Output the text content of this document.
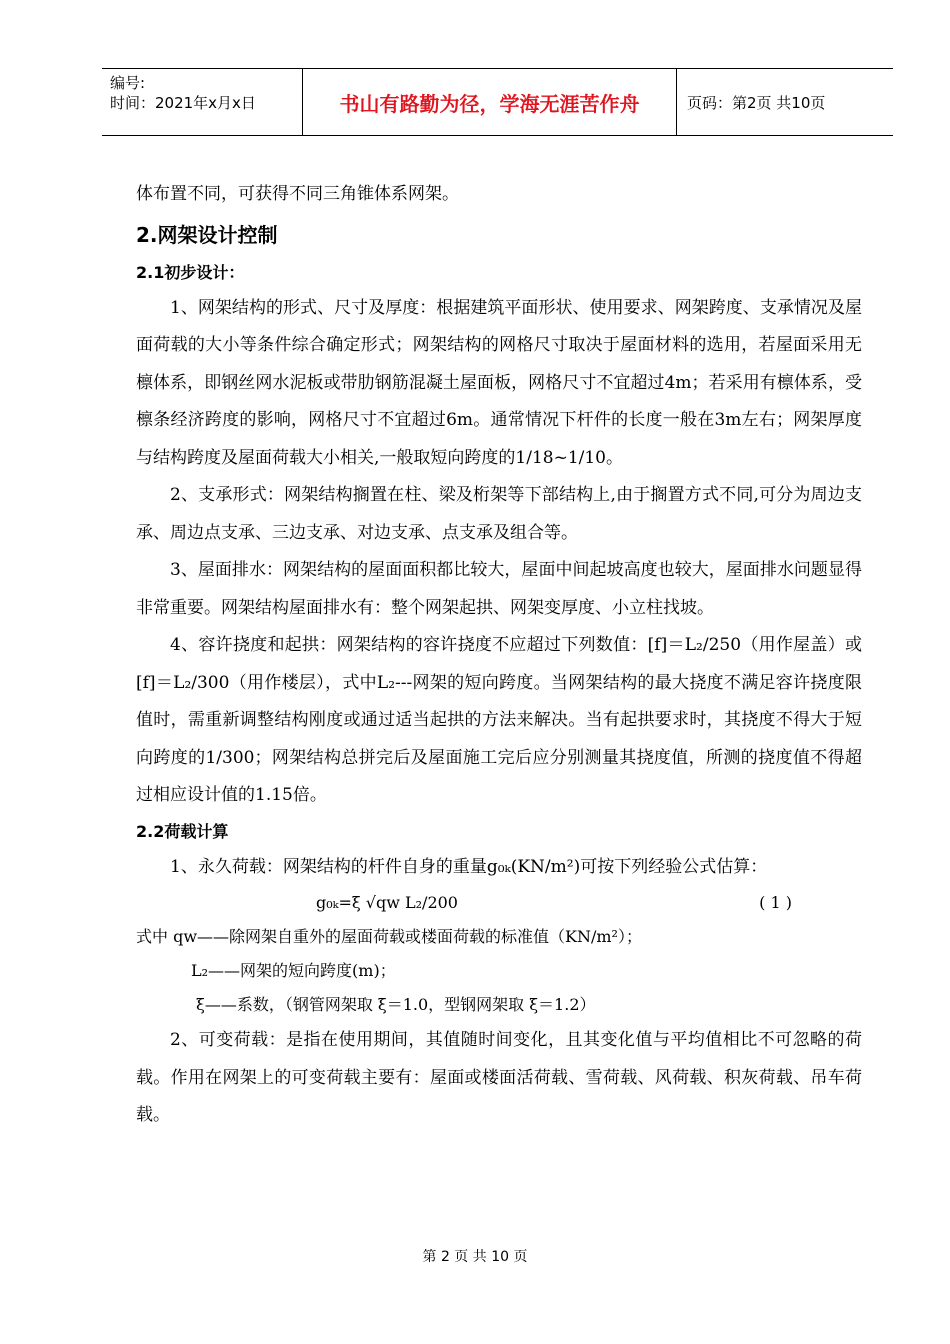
编号:
时间：2021年x月x日	书山有路勤为径，学海无涯苦作舟	页码：第2页 共10页

体布置不同，可获得不同三角锥体系网架。

2.网架设计控制
2.1初步设计：

1、网架结构的形式、尺寸及厚度：根据建筑平面形状、使用要求、网架跨度、支承情况及屋面荷载的大小等条件综合确定形式；网架结构的网格尺寸取决于屋面材料的选用，若屋面采用无檩体系，即钢丝网水泥板或带肋钢筋混凝土屋面板，网格尺寸不宜超过4m；若采用有檩体系，受檩条经济跨度的影响，网格尺寸不宜超过6m。通常情况下杆件的长度一般在3m左右；网架厚度与结构跨度及屋面荷载大小相关,一般取短向跨度的1/18~1/10。

2、支承形式：网架结构搁置在柱、梁及桁架等下部结构上,由于搁置方式不同,可分为周边支承、周边点支承、三边支承、对边支承、点支承及组合等。

3、屋面排水：网架结构的屋面面积都比较大，屋面中间起坡高度也较大，屋面排水问题显得非常重要。网架结构屋面排水有：整个网架起拱、网架变厚度、小立柱找坡。

4、容许挠度和起拱：网架结构的容许挠度不应超过下列数值：[f]＝L₂/250（用作屋盖）或[f]＝L₂/300（用作楼层），式中L₂---网架的短向跨度。当网架结构的最大挠度不满足容许挠度限值时，需重新调整结构刚度或通过适当起拱的方法来解决。当有起拱要求时，其挠度不得大于短向跨度的1/300；网架结构总拼完后及屋面施工完后应分别测量其挠度值，所测的挠度值不得超过相应设计值的1.15倍。

2.2荷载计算

1、永久荷载：网架结构的杆件自身的重量g₀ₖ(KN/m²)可按下列经验公式估算：

g₀ₖ=ξ √qw L₂/200	( 1 )
式中 qw——除网架自重外的屋面荷载或楼面荷载的标准值（KN/m²）；
L₂——网架的短向跨度(m)；
ξ——系数，（钢管网架取 ξ＝1.0，型钢网架取 ξ＝1.2）

2、可变荷载：是指在使用期间，其值随时间变化，且其变化值与平均值相比不可忽略的荷载。作用在网架上的可变荷载主要有：屋面或楼面活荷载、雪荷载、风荷载、积灰荷载、吊车荷载。

第 2 页 共 10 页
